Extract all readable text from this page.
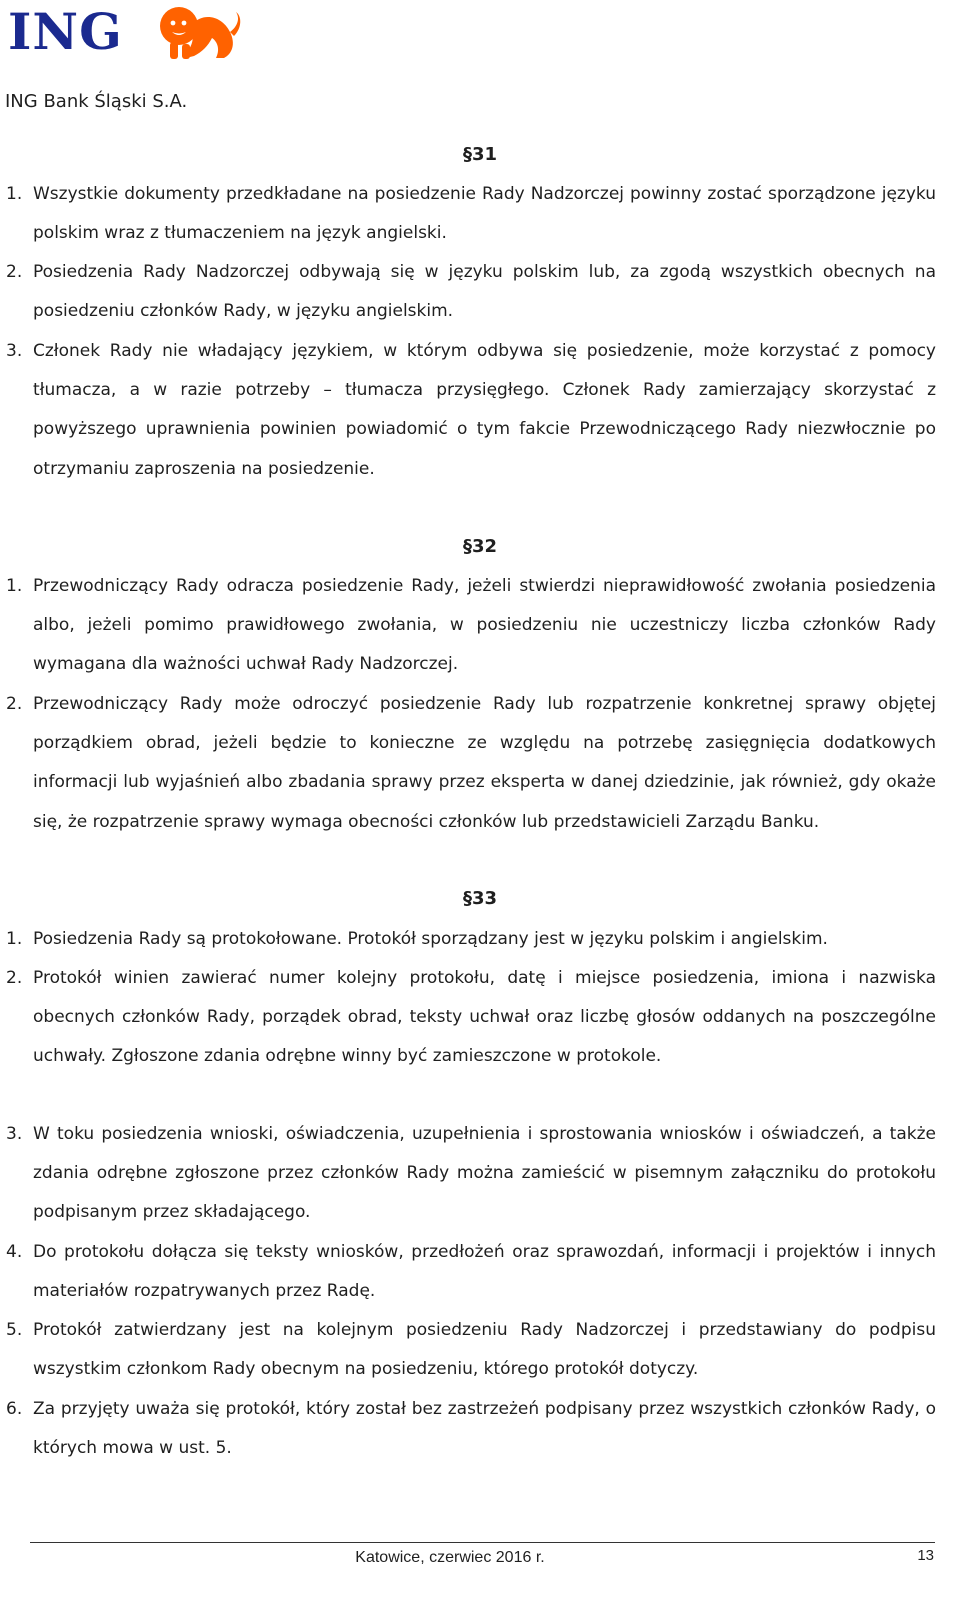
ING
ING Bank Śląski S.A.
§31
1. Wszystkie dokumenty przedkładane na posiedzenie Rady Nadzorczej powinny zostać sporządzone języku polskim wraz z tłumaczeniem na język angielski.
2. Posiedzenia Rady Nadzorczej odbywają się w języku polskim lub, za zgodą wszystkich obecnych na posiedzeniu członków Rady, w języku angielskim.
3. Członek Rady nie władający językiem, w którym odbywa się posiedzenie, może korzystać z pomocy tłumacza, a w razie potrzeby – tłumacza przysięgłego. Członek Rady zamierzający skorzystać z powyższego uprawnienia powinien powiadomić o tym fakcie Przewodniczącego Rady niezwłocznie po otrzymaniu zaproszenia na posiedzenie.
§32
1. Przewodniczący Rady odracza posiedzenie Rady, jeżeli stwierdzi nieprawidłowość zwołania posiedzenia albo, jeżeli pomimo prawidłowego zwołania, w posiedzeniu nie uczestniczy liczba członków Rady wymagana dla ważności uchwał Rady Nadzorczej.
2. Przewodniczący Rady może odroczyć posiedzenie Rady lub rozpatrzenie konkretnej sprawy objętej porządkiem obrad, jeżeli będzie to konieczne ze względu na potrzebę zasięgnięcia dodatkowych informacji lub wyjaśnień albo zbadania sprawy przez eksperta w danej dziedzinie, jak również, gdy okaże się, że rozpatrzenie sprawy wymaga obecności członków lub przedstawicieli Zarządu Banku.
§33
1. Posiedzenia Rady są protokołowane. Protokół sporządzany jest w języku polskim i angielskim.
2. Protokół winien zawierać numer kolejny protokołu, datę i miejsce posiedzenia, imiona i nazwiska obecnych członków Rady, porządek obrad, teksty uchwał oraz liczbę głosów oddanych na poszczególne uchwały. Zgłoszone zdania odrębne winny być zamieszczone w protokole.
3. W toku posiedzenia wnioski, oświadczenia, uzupełnienia i sprostowania wniosków i oświadczeń, a także zdania odrębne zgłoszone przez członków Rady można zamieścić w pisemnym załączniku do protokołu podpisanym przez składającego.
4. Do protokołu dołącza się teksty wniosków, przedłożeń oraz sprawozdań, informacji i projektów i innych materiałów rozpatrywanych przez Radę.
5. Protokół zatwierdzany jest na kolejnym posiedzeniu Rady Nadzorczej i przedstawiany do podpisu wszystkim członkom Rady obecnym na posiedzeniu, którego protokół dotyczy.
6. Za przyjęty uważa się protokół, który został bez zastrzeżeń podpisany przez wszystkich członków Rady, o których mowa w ust. 5.
Katowice, czerwiec 2016 r.	13
